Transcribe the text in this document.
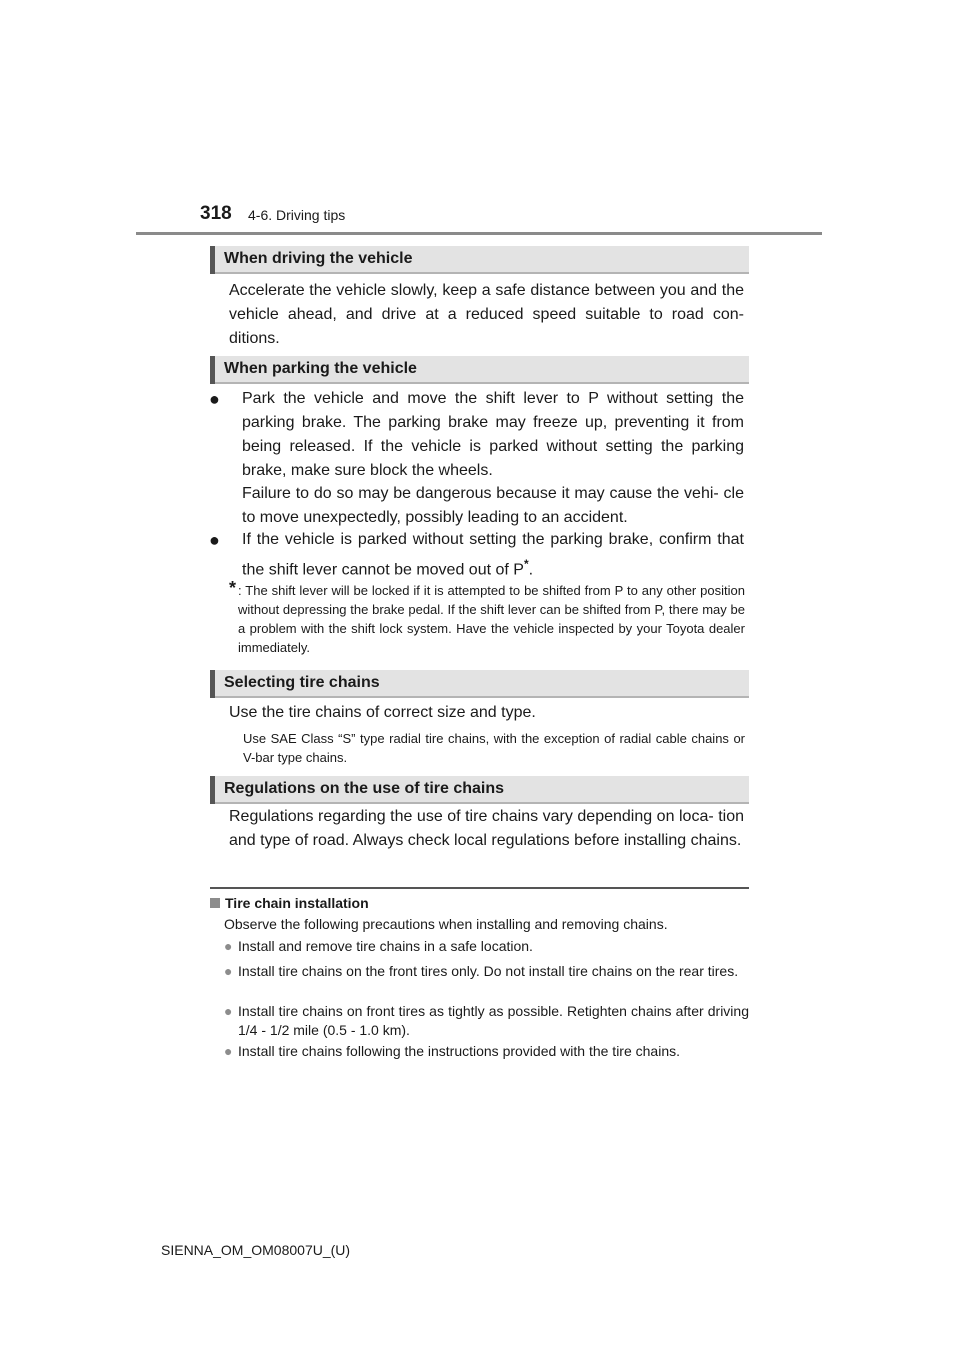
318 4-6. Driving tips
When driving the vehicle
Accelerate the vehicle slowly, keep a safe distance between you and the vehicle ahead, and drive at a reduced speed suitable to road con- ditions.
When parking the vehicle
● Park the vehicle and move the shift lever to P without setting the parking brake. The parking brake may freeze up, preventing it from being released. If the vehicle is parked without setting the parking brake, make sure block the wheels.
Failure to do so may be dangerous because it may cause the vehi- cle to move unexpectedly, possibly leading to an accident.
● If the vehicle is parked without setting the parking brake, confirm that the shift lever cannot be moved out of P*.
* : The shift lever will be locked if it is attempted to be shifted from P to any other position without depressing the brake pedal. If the shift lever can be shifted from P, there may be a problem with the shift lock system. Have the vehicle inspected by your Toyota dealer immediately.
Selecting tire chains
Use the tire chains of correct size and type.
Use SAE Class “S” type radial tire chains, with the exception of radial cable chains or V-bar type chains.
Regulations on the use of tire chains
Regulations regarding the use of tire chains vary depending on loca- tion and type of road. Always check local regulations before installing chains.
Tire chain installation
Observe the following precautions when installing and removing chains.
● Install and remove tire chains in a safe location.
● Install tire chains on the front tires only. Do not install tire chains on the rear tires.
● Install tire chains on front tires as tightly as possible. Retighten chains after driving 1/4 - 1/2 mile (0.5 - 1.0 km).
● Install tire chains following the instructions provided with the tire chains.
SIENNA_OM_OM08007U_(U)
